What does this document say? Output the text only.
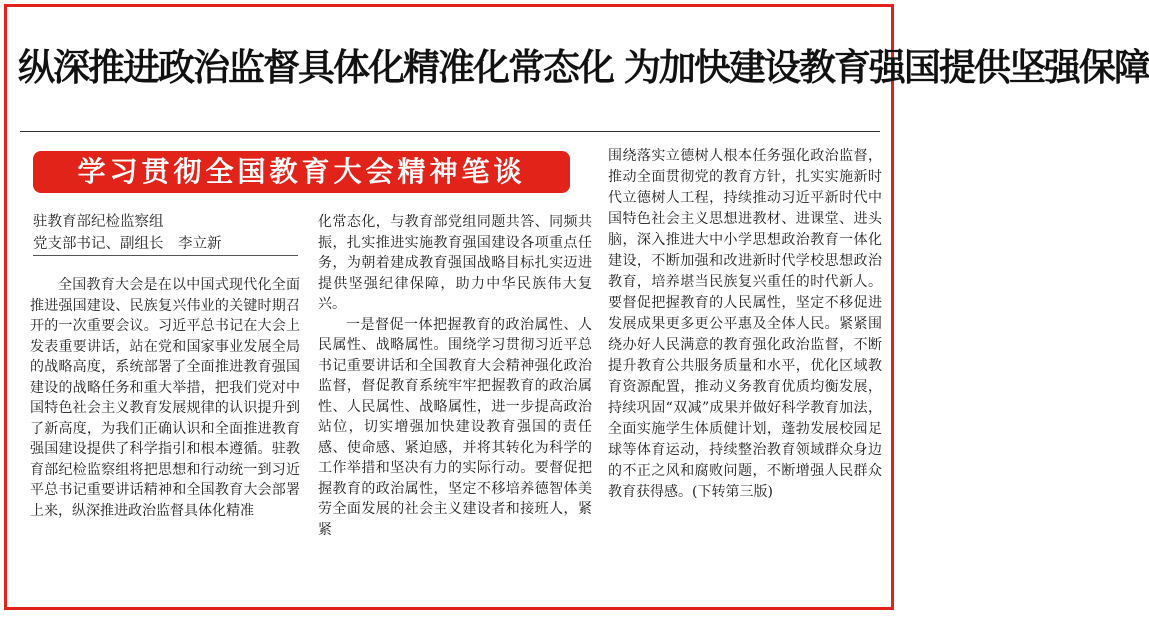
纵深推进政治监督具体化精准化常态化 为加快建设教育强国提供坚强保障
学习贯彻全国教育大会精神笔谈
驻教育部纪检监察组
党支部书记、副组长　李立新

全国教育大会是在以中国式现代化全面推进强国建设、民族复兴伟业的关键时期召开的一次重要会议。习近平总书记在大会上发表重要讲话，站在党和国家事业发展全局的战略高度，系统部署了全面推进教育强国建设的战略任务和重大举措，把我们党对中国特色社会主义教育发展规律的认识提升到了新高度，为我们正确认识和全面推进教育强国建设提供了科学指引和根本遵循。驻教育部纪检监察组将把思想和行动统一到习近平总书记重要讲话精神和全国教育大会部署上来，纵深推进政治监督具体化精准

化常态化，与教育部党组同题共答、同频共振，扎实推进实施教育强国建设各项重点任务，为朝着建成教育强国战略目标扎实迈进提供坚强纪律保障，助力中华民族伟大复兴。

一是督促一体把握教育的政治属性、人民属性、战略属性。围绕学习贯彻习近平总书记重要讲话和全国教育大会精神强化政治监督，督促教育系统牢牢把握教育的政治属性、人民属性、战略属性，进一步提高政治站位，切实增强加快建设教育强国的责任感、使命感、紧迫感，并将其转化为科学的工作举措和坚决有力的实际行动。要督促把握教育的政治属性，坚定不移培养德智体美劳全面发展的社会主义建设者和接班人，紧紧

围绕落实立德树人根本任务强化政治监督，推动全面贯彻党的教育方针，扎实实施新时代立德树人工程，持续推动习近平新时代中国特色社会主义思想进教材、进课堂、进头脑，深入推进大中小学思想政治教育一体化建设，不断加强和改进新时代学校思想政治教育，培养堪当民族复兴重任的时代新人。要督促把握教育的人民属性，坚定不移促进发展成果更多更公平惠及全体人民。紧紧围绕办好人民满意的教育强化政治监督，不断提升教育公共服务质量和水平，优化区域教育资源配置，推动义务教育优质均衡发展，持续巩固“双减”成果并做好科学教育加法，全面实施学生体质健计划，蓬勃发展校园足球等体育运动，持续整治教育领域群众身边的不正之风和腐败问题，不断增强人民群众教育获得感。(下转第三版)
